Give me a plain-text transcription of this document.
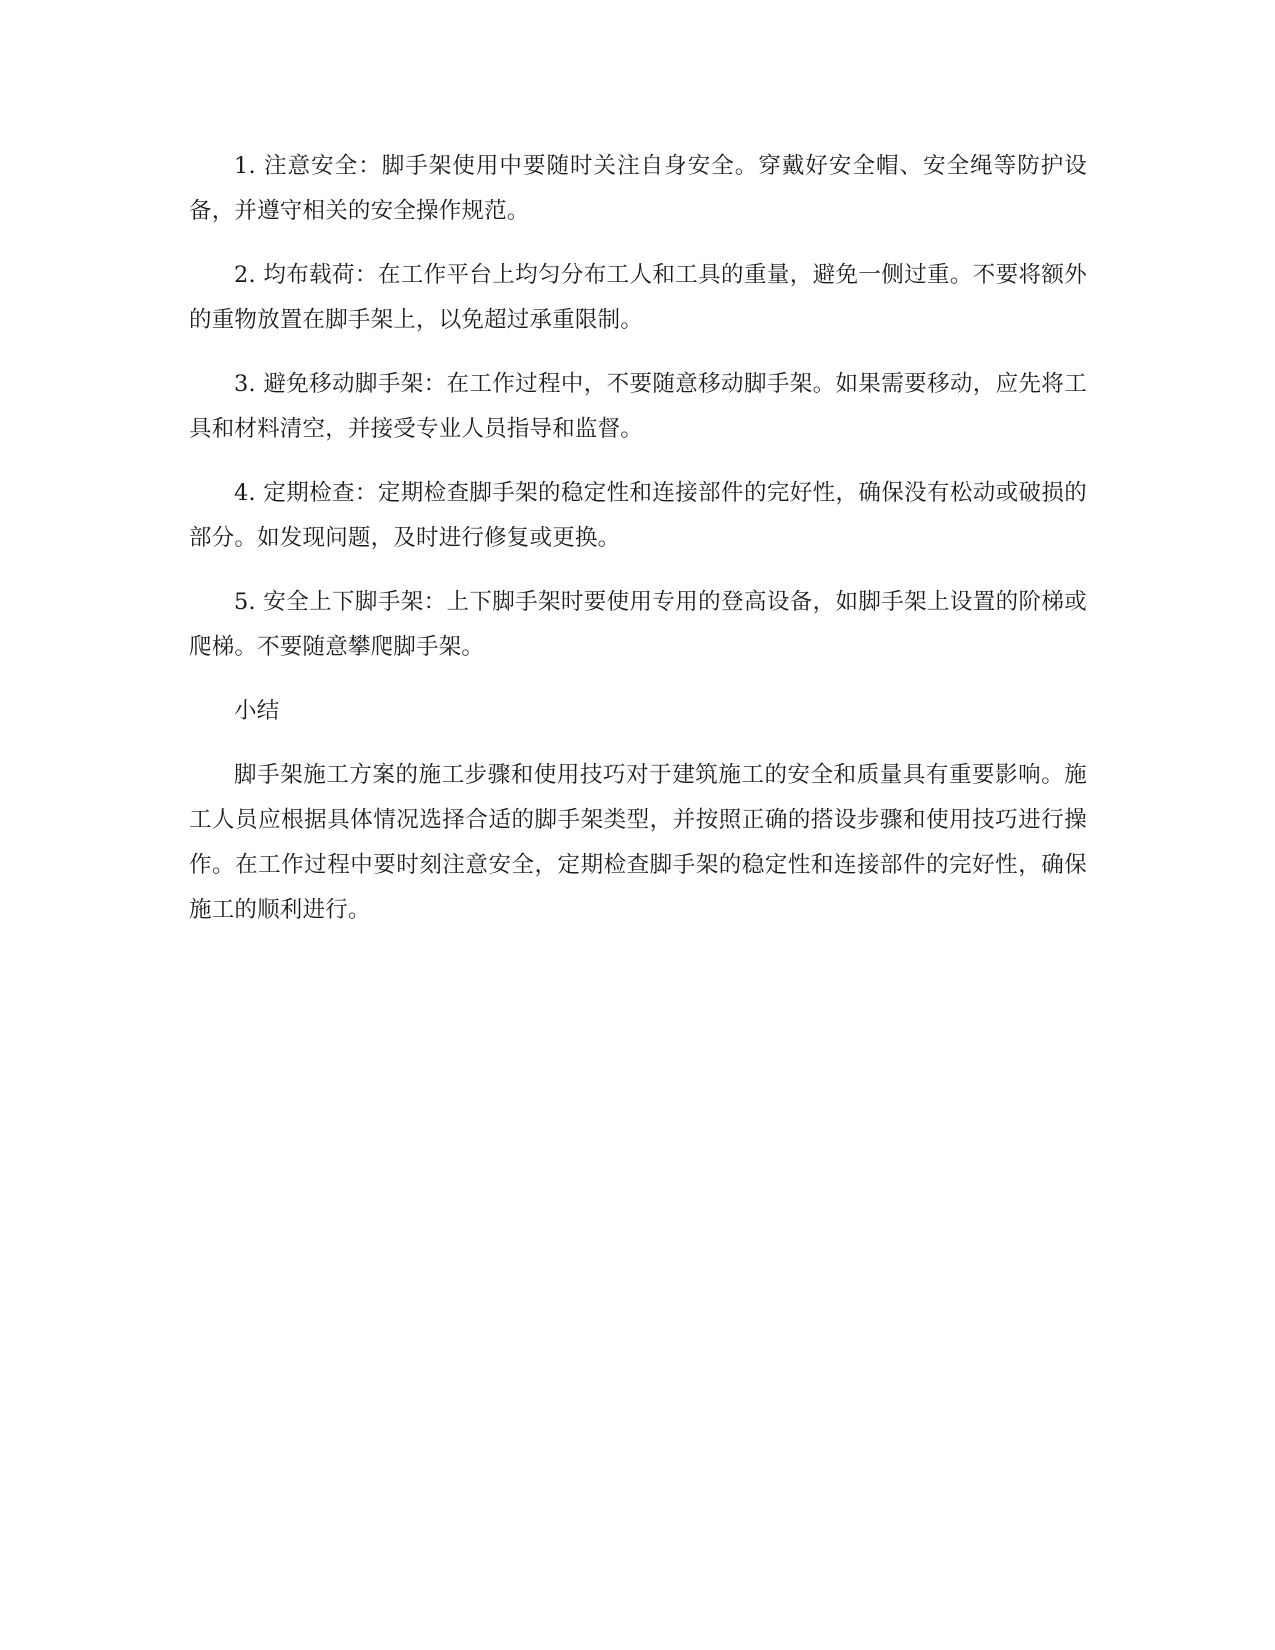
1. 注意安全：脚手架使用中要随时关注自身安全。穿戴好安全帽、安全绳等防护设备，并遵守相关的安全操作规范。

2. 均布载荷：在工作平台上均匀分布工人和工具的重量，避免一侧过重。不要将额外的重物放置在脚手架上，以免超过承重限制。

3. 避免移动脚手架：在工作过程中，不要随意移动脚手架。如果需要移动，应先将工具和材料清空，并接受专业人员指导和监督。

4. 定期检查：定期检查脚手架的稳定性和连接部件的完好性，确保没有松动或破损的部分。如发现问题，及时进行修复或更换。

5. 安全上下脚手架：上下脚手架时要使用专用的登高设备，如脚手架上设置的阶梯或爬梯。不要随意攀爬脚手架。

小结

脚手架施工方案的施工步骤和使用技巧对于建筑施工的安全和质量具有重要影响。施工人员应根据具体情况选择合适的脚手架类型，并按照正确的搭设步骤和使用技巧进行操作。在工作过程中要时刻注意安全，定期检查脚手架的稳定性和连接部件的完好性，确保施工的顺利进行。
